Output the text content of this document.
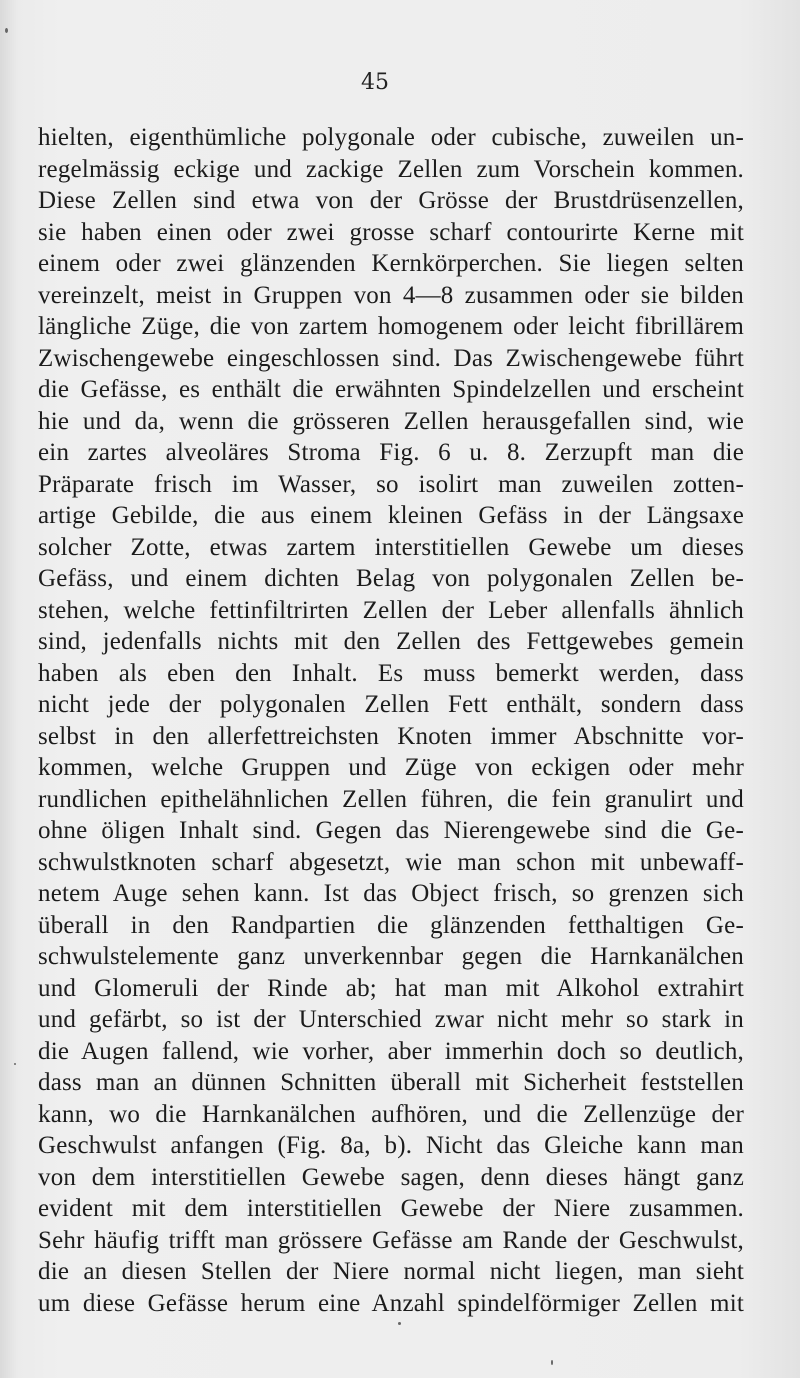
45
hielten, eigenthümliche polygonale oder cubische, zuweilen un-
regelmässig eckige und zackige Zellen zum Vorschein kommen.
Diese Zellen sind etwa von der Grösse der Brustdrüsenzellen,
sie haben einen oder zwei grosse scharf contourirte Kerne mit
einem oder zwei glänzenden Kernkörperchen. Sie liegen selten
vereinzelt, meist in Gruppen von 4—8 zusammen oder sie bilden
längliche Züge, die von zartem homogenem oder leicht fibrillärem
Zwischengewebe eingeschlossen sind. Das Zwischengewebe führt
die Gefässe, es enthält die erwähnten Spindelzellen und erscheint
hie und da, wenn die grösseren Zellen herausgefallen sind, wie
ein zartes alveoläres Stroma Fig. 6 u. 8. Zerzupft man die
Präparate frisch im Wasser, so isolirt man zuweilen zotten-
artige Gebilde, die aus einem kleinen Gefäss in der Längsaxe
solcher Zotte, etwas zartem interstitiellen Gewebe um dieses
Gefäss, und einem dichten Belag von polygonalen Zellen be-
stehen, welche fettinfiltrirten Zellen der Leber allenfalls ähnlich
sind, jedenfalls nichts mit den Zellen des Fettgewebes gemein
haben als eben den Inhalt. Es muss bemerkt werden, dass
nicht jede der polygonalen Zellen Fett enthält, sondern dass
selbst in den allerfettreichsten Knoten immer Abschnitte vor-
kommen, welche Gruppen und Züge von eckigen oder mehr
rundlichen epithelähnlichen Zellen führen, die fein granulirt und
ohne öligen Inhalt sind. Gegen das Nierengewebe sind die Ge-
schwulstknoten scharf abgesetzt, wie man schon mit unbewaff-
netem Auge sehen kann. Ist das Object frisch, so grenzen sich
überall in den Randpartien die glänzenden fetthaltigen Ge-
schwulstelemente ganz unverkennbar gegen die Harnkanälchen
und Glomeruli der Rinde ab; hat man mit Alkohol extrahirt
und gefärbt, so ist der Unterschied zwar nicht mehr so stark in
die Augen fallend, wie vorher, aber immerhin doch so deutlich,
dass man an dünnen Schnitten überall mit Sicherheit feststellen
kann, wo die Harnkanälchen aufhören, und die Zellenzüge der
Geschwulst anfangen (Fig. 8a, b). Nicht das Gleiche kann man
von dem interstitiellen Gewebe sagen, denn dieses hängt ganz
evident mit dem interstitiellen Gewebe der Niere zusammen.
Sehr häufig trifft man grössere Gefässe am Rande der Geschwulst,
die an diesen Stellen der Niere normal nicht liegen, man sieht
um diese Gefässe herum eine Anzahl spindelförmiger Zellen mit
